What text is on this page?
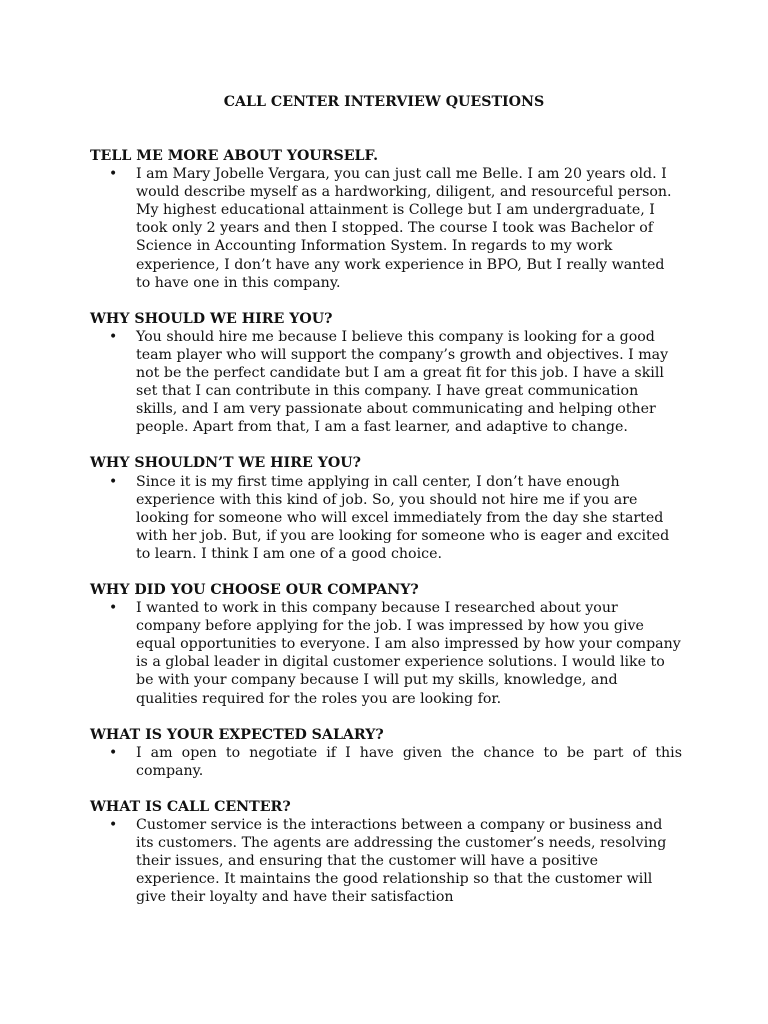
CALL CENTER INTERVIEW QUESTIONS

TELL ME MORE ABOUT YOURSELF.

• I am Mary Jobelle Vergara, you can just call me Belle. I am 20 years old. I would describe myself as a hardworking, diligent, and resourceful person. My highest educational attainment is College but I am undergraduate, I took only 2 years and then I stopped. The course I took was Bachelor of Science in Accounting Information System. In regards to my work experience, I don’t have any work experience in BPO, But I really wanted to have one in this company.

WHY SHOULD WE HIRE YOU?

• You should hire me because I believe this company is looking for a good team player who will support the company’s growth and objectives. I may not be the perfect candidate but I am a great fit for this job. I have a skill set that I can contribute in this company. I have great communication skills, and I am very passionate about communicating and helping other people. Apart from that, I am a fast learner, and adaptive to change.

WHY SHOULDN’T WE HIRE YOU?

• Since it is my first time applying in call center, I don’t have enough experience with this kind of job. So, you should not hire me if you are looking for someone who will excel immediately from the day she started with her job. But, if you are looking for someone who is eager and excited to learn. I think I am one of a good choice.

WHY DID YOU CHOOSE OUR COMPANY?

• I wanted to work in this company because I researched about your company before applying for the job. I was impressed by how you give equal opportunities to everyone. I am also impressed by how your company is a global leader in digital customer experience solutions. I would like to be with your company because I will put my skills, knowledge, and qualities required for the roles you are looking for.

WHAT IS YOUR EXPECTED SALARY?

• I am open to negotiate if I have given the chance to be part of this company.

WHAT IS CALL CENTER?

• Customer service is the interactions between a company or business and its customers. The agents are addressing the customer’s needs, resolving their issues, and ensuring that the customer will have a positive experience. It maintains the good relationship so that the customer will give their loyalty and have their satisfaction
